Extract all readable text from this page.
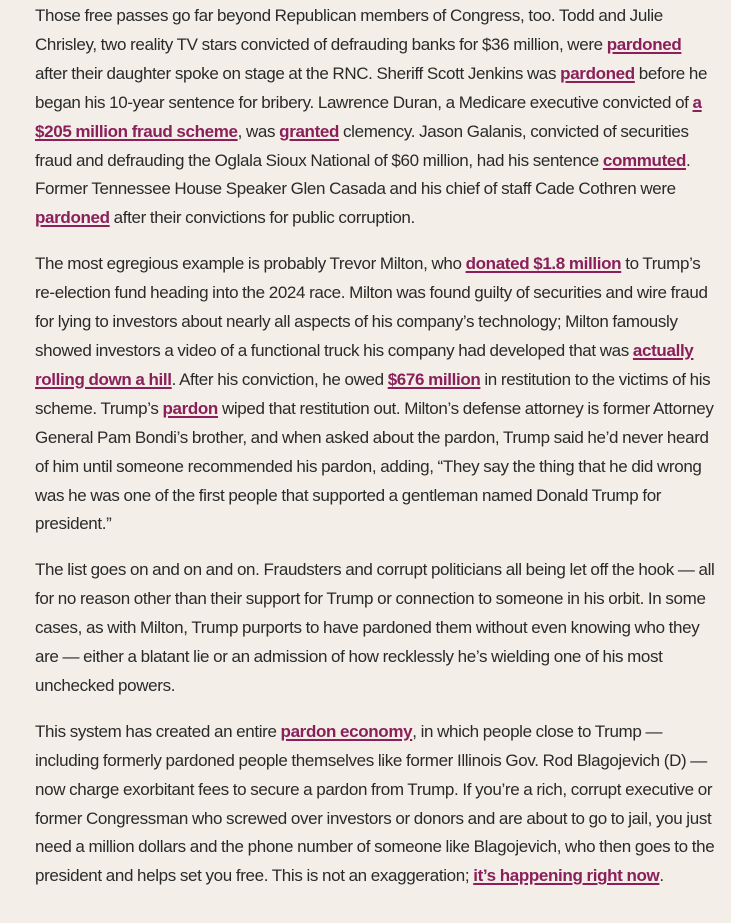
Those free passes go far beyond Republican members of Congress, too. Todd and Julie Chrisley, two reality TV stars convicted of defrauding banks for $36 million, were pardoned after their daughter spoke on stage at the RNC. Sheriff Scott Jenkins was pardoned before he began his 10-year sentence for bribery. Lawrence Duran, a Medicare executive convicted of a $205 million fraud scheme, was granted clemency. Jason Galanis, convicted of securities fraud and defrauding the Oglala Sioux National of $60 million, had his sentence commuted. Former Tennessee House Speaker Glen Casada and his chief of staff Cade Cothren were pardoned after their convictions for public corruption.

The most egregious example is probably Trevor Milton, who donated $1.8 million to Trump’s re-election fund heading into the 2024 race. Milton was found guilty of securities and wire fraud for lying to investors about nearly all aspects of his company’s technology; Milton famously showed investors a video of a functional truck his company had developed that was actually rolling down a hill. After his conviction, he owed $676 million in restitution to the victims of his scheme. Trump’s pardon wiped that restitution out. Milton’s defense attorney is former Attorney General Pam Bondi’s brother, and when asked about the pardon, Trump said he’d never heard of him until someone recommended his pardon, adding, “They say the thing that he did wrong was he was one of the first people that supported a gentleman named Donald Trump for president.”

The list goes on and on and on. Fraudsters and corrupt politicians all being let off the hook — all for no reason other than their support for Trump or connection to someone in his orbit. In some cases, as with Milton, Trump purports to have pardoned them without even knowing who they are — either a blatant lie or an admission of how recklessly he’s wielding one of his most unchecked powers.

This system has created an entire pardon economy, in which people close to Trump — including formerly pardoned people themselves like former Illinois Gov. Rod Blagojevich (D) — now charge exorbitant fees to secure a pardon from Trump. If you’re a rich, corrupt executive or former Congressman who screwed over investors or donors and are about to go to jail, you just need a million dollars and the phone number of someone like Blagojevich, who then goes to the president and helps set you free. This is not an exaggeration; it’s happening right now.
